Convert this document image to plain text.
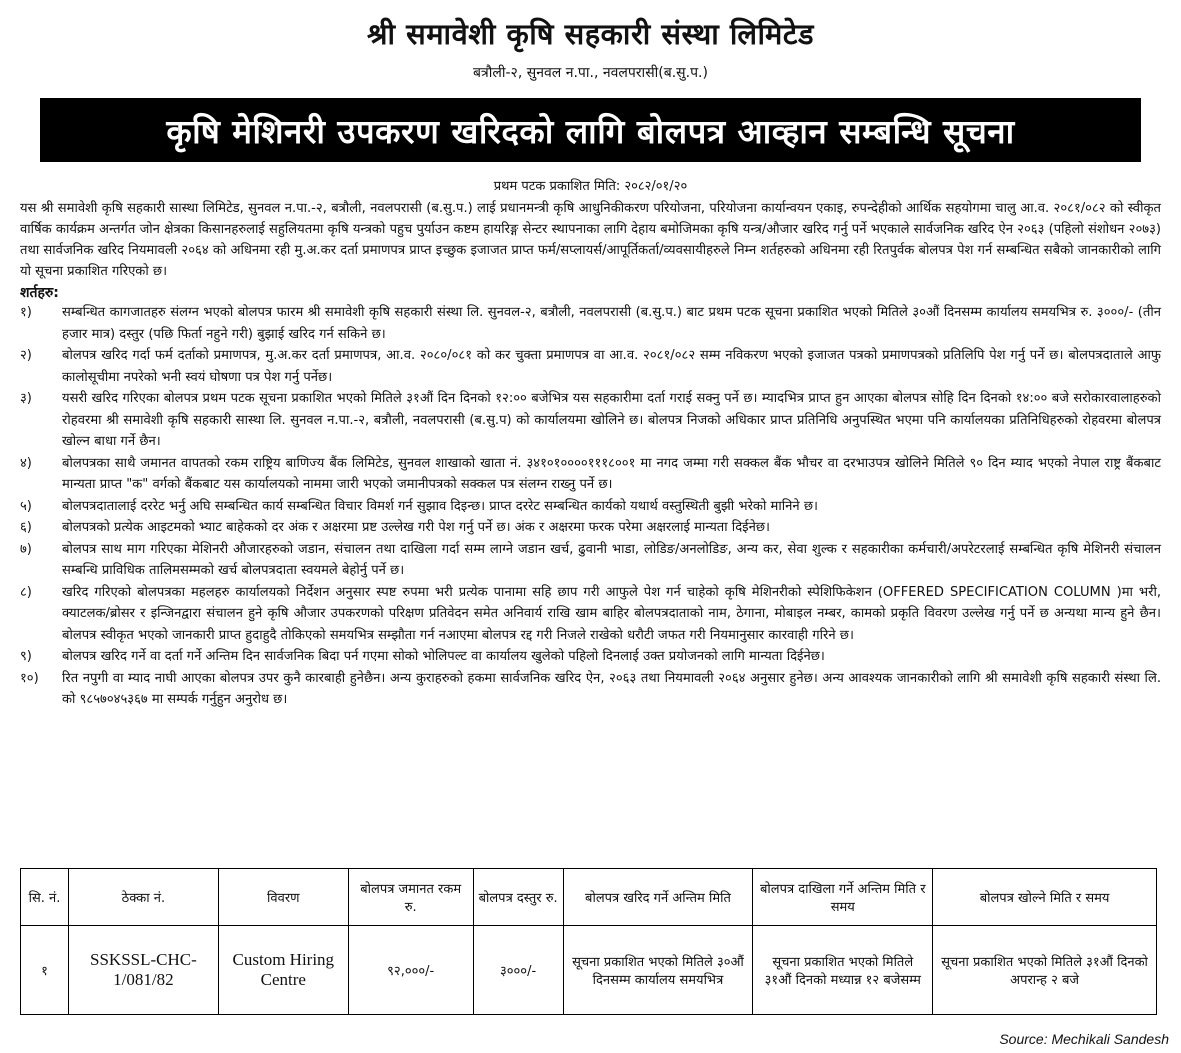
श्री समावेशी कृषि सहकारी संस्था लिमिटेड
बत्रौली-२, सुनवल न.पा., नवलपरासी(ब.सु.प.)
कृषि मेशिनरी उपकरण खरिदको लागि बोलपत्र आव्हान सम्बन्धि सूचना
प्रथम पटक प्रकाशित मिति: २०८२/०१/२०
यस श्री समावेशी कृषि सहकारी सास्था लिमिटेड, सुनवल न.पा.-२, बत्रौली, नवलपरासी (ब.सु.प.) लाई प्रधानमन्त्री कृषि आधुनिकीकरण परियोजना, परियोजना कार्यान्वयन एकाइ, रुपन्देहीको आर्थिक सहयोगमा चालु आ.व. २०८१/०८२ को स्वीकृत वार्षिक कार्यक्रम अन्तर्गत जोन क्षेत्रका किसानहरुलाई सहुलियतमा कृषि यन्त्रको पहुच पुर्याउन कष्टम हायरिङ्ग सेन्टर स्थापनाका लागि देहाय बमोजिमका कृषि यन्त्र/औजार खरिद गर्नु पर्ने भएकाले सार्वजनिक खरिद ऐन २०६३ (पहिलो संशोधन २०७३) तथा सार्वजनिक खरिद नियमावली २०६४ को अधिनमा रही मु.अ.कर दर्ता प्रमाणपत्र प्राप्त इच्छुक इजाजत प्राप्त फर्म/सप्लायर्स/आपूर्तिकर्ता/व्यवसायीहरुले निम्न शर्तहरुको अधिनमा रही रितपुर्वक बोलपत्र पेश गर्न सम्बन्धित सबैको जानकारीको लागि यो सूचना प्रकाशित गरिएको छ।
शर्तहरु:
१)	सम्बन्धित कागजातहरु संलग्न भएको बोलपत्र फारम श्री समावेशी कृषि सहकारी संस्था लि. सुनवल-२, बत्रौली, नवलपरासी (ब.सु.प.) बाट प्रथम पटक सूचना प्रकाशित भएको मितिले ३०औं दिनसम्म कार्यालय समयभित्र रु. ३०००/- (तीन हजार मात्र) दस्तुर (पछि फिर्ता नहुने गरी) बुझाई खरिद गर्न सकिने छ।
२)	बोलपत्र खरिद गर्दा फर्म दर्ताको प्रमाणपत्र, मु.अ.कर दर्ता प्रमाणपत्र, आ.व. २०८०/०८१ को कर चुक्ता प्रमाणपत्र वा आ.व. २०८१/०८२ सम्म नविकरण भएको इजाजत पत्रको प्रमाणपत्रको प्रतिलिपि पेश गर्नु पर्ने छ। बोलपत्रदाताले आफु कालोसूचीमा नपरेको भनी स्वयं घोषणा पत्र पेश गर्नु पर्नेछ।
३)	यसरी खरिद गरिएका बोलपत्र प्रथम पटक सूचना प्रकाशित भएको मितिले ३१औं दिन दिनको १२:०० बजेभित्र यस सहकारीमा दर्ता गराई सक्नु पर्ने छ। म्यादभित्र प्राप्त हुन आएका बोलपत्र सोहि दिन दिनको १४:०० बजे सरोकारवालाहरुको रोहवरमा श्री समावेशी कृषि सहकारी सास्था लि. सुनवल न.पा.-२, बत्रौली, नवलपरासी (ब.सु.प) को कार्यालयमा खोलिने छ। बोलपत्र निजको अधिकार प्राप्त प्रतिनिधि अनुपस्थित भएमा पनि कार्यालयका प्रतिनिधिहरुको रोहवरमा बोलपत्र खोल्न बाधा गर्ने छैन।
४)	बोलपत्रका साथै जमानत वापतको रकम राष्ट्रिय बाणिज्य बैंक लिमिटेड, सुनवल शाखाको खाता नं. ३४१०१००००१११८००१ मा नगद जम्मा गरी सक्कल बैंक भौचर वा दरभाउपत्र खोलिने मितिले ९० दिन म्याद भएको नेपाल राष्ट्र बैंकबाट मान्यता प्राप्त "क" वर्गको बैंकबाट यस कार्यालयको नाममा जारी भएको जमानीपत्रको सक्कल पत्र संलग्न राख्नु पर्ने छ।
५)	बोलपत्रदातालाई दररेट भर्नु अघि सम्बन्धित कार्य सम्बन्धित विचार विमर्श गर्न सुझाव दिइन्छ। प्राप्त दररेट सम्बन्धित कार्यको यथार्थ वस्तुस्थिती बुझी भरेको मानिने छ।
६)	बोलपत्रको प्रत्येक आइटमको भ्याट बाहेकको दर अंक र अक्षरमा प्रष्ट उल्लेख गरी पेश गर्नु पर्ने छ। अंक र अक्षरमा फरक परेमा अक्षरलाई मान्यता दिईनेछ।
७)	बोलपत्र साथ माग गरिएका मेशिनरी औजारहरुको जडान, संचालन तथा दाखिला गर्दा सम्म लाग्ने जडान खर्च, ढुवानी भाडा, लोडिङ/अनलोडिङ, अन्य कर, सेवा शुल्क र सहकारीका कर्मचारी/अपरेटरलाई सम्बन्धित कृषि मेशिनरी संचालन सम्बन्धि प्राविधिक तालिमसम्मको खर्च बोलपत्रदाता स्वयमले बेहोर्नु पर्ने छ।
८)	खरिद गरिएको बोलपत्रका महलहरु कार्यालयको निर्देशन अनुसार स्पष्ट रुपमा भरी प्रत्येक पानामा सहि छाप गरी आफुले पेश गर्न चाहेको कृषि मेशिनरीको स्पेशिफिकेशन (OFFERED SPECIFICATION COLUMN )मा भरी, क्याटलक/ब्रोसर र इन्जिनद्वारा संचालन हुने कृषि औजार उपकरणको परिक्षण प्रतिवेदन समेत अनिवार्य राखि खाम बाहिर बोलपत्रदाताको नाम, ठेगाना, मोबाइल नम्बर, कामको प्रकृति विवरण उल्लेख गर्नु पर्ने छ अन्यथा मान्य हुने छैन। बोलपत्र स्वीकृत भएको जानकारी प्राप्त हुदाहुदै तोकिएको समयभित्र सम्झौता गर्न नआएमा बोलपत्र रद्द गरी निजले राखेको धरौटी जफत गरी नियमानुसार कारवाही गरिने छ।
९)	बोलपत्र खरिद गर्ने वा दर्ता गर्ने अन्तिम दिन सार्वजनिक बिदा पर्न गएमा सोको भोलिपल्ट वा कार्यालय खुलेको पहिलो दिनलाई उक्त प्रयोजनको लागि मान्यता दिईनेछ।
१०)	रित नपुगी वा म्याद नाघी आएका बोलपत्र उपर कुनै कारबाही हुनेछैन। अन्य कुराहरुको हकमा सार्वजनिक खरिद ऐन, २०६३ तथा नियमावली २०६४ अनुसार हुनेछ। अन्य आवश्यक जानकारीको लागि श्री समावेशी कृषि सहकारी संस्था लि. को ९८५७०४५३६७ मा सम्पर्क गर्नुहुन अनुरोध छ।
सि. नं.	ठेक्का नं.	विवरण	बोलपत्र जमानत रकम रु.	बोलपत्र दस्तुर रु.	बोलपत्र खरिद गर्ने अन्तिम मिति	बोलपत्र दाखिला गर्ने अन्तिम मिति र समय	बोलपत्र खोल्ने मिति र समय
१	SSKSSL-CHC-1/081/82	Custom Hiring Centre	९२,०००/-	३०००/-	सूचना प्रकाशित भएको मितिले ३०औं दिनसम्म कार्यालय समयभित्र	सूचना प्रकाशित भएको मितिले ३१औं दिनको मध्यान्न १२ बजेसम्म	सूचना प्रकाशित भएको मितिले ३१औं दिनको अपरान्ह २ बजे
Source: Mechikali Sandesh
